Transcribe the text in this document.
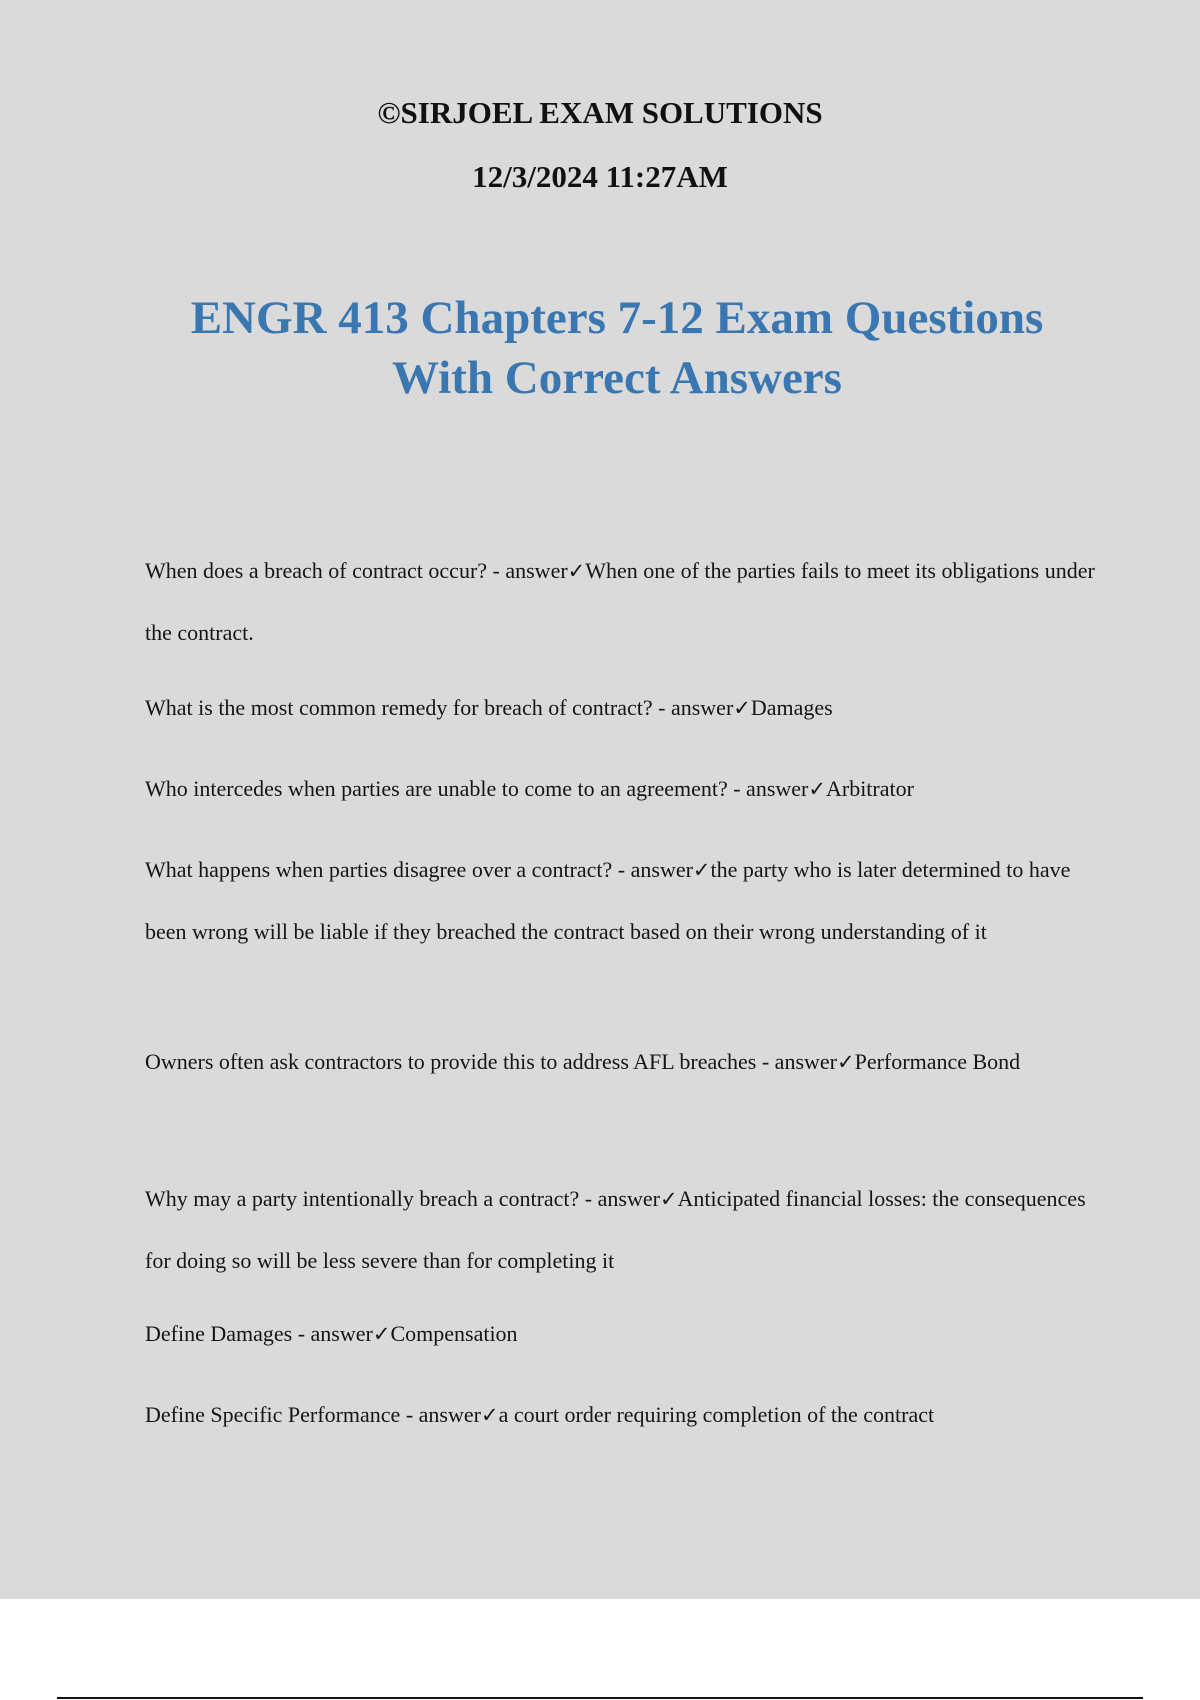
©SIRJOEL EXAM SOLUTIONS
12/3/2024 11:27AM
ENGR 413 Chapters 7-12 Exam Questions
With Correct Answers

When does a breach of contract occur? - answer✓When one of the parties fails to meet its obligations under the contract.

What is the most common remedy for breach of contract? - answer✓Damages

Who intercedes when parties are unable to come to an agreement? - answer✓Arbitrator

What happens when parties disagree over a contract? - answer✓the party who is later determined to have been wrong will be liable if they breached the contract based on their wrong understanding of it

Owners often ask contractors to provide this to address AFL breaches - answer✓Performance Bond

Why may a party intentionally breach a contract? - answer✓Anticipated financial losses: the consequences for doing so will be less severe than for completing it

Define Damages - answer✓Compensation

Define Specific Performance - answer✓a court order requiring completion of the contract
